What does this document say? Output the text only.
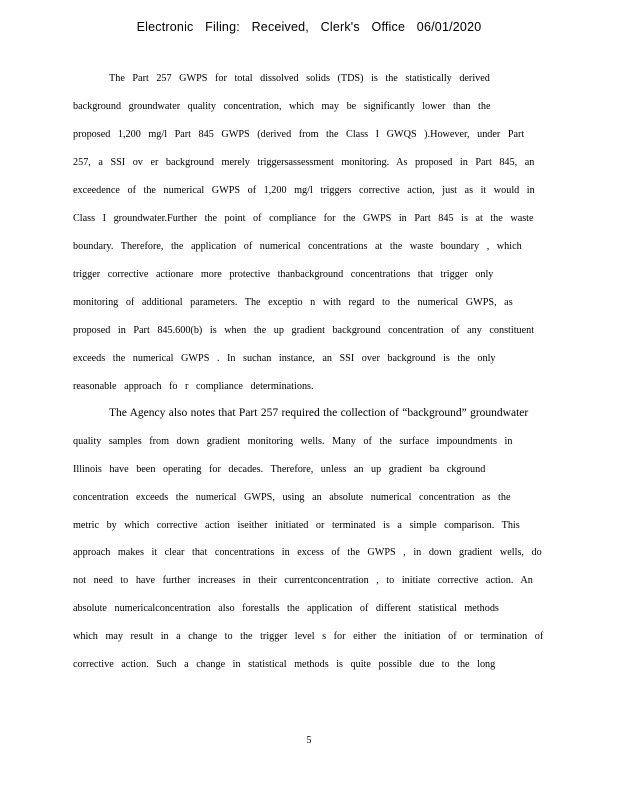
Electronic Filing: Received, Clerk's Office 06/01/2020
The Part 257 GWPS for total dissolved solids (TDS) is the statistically derived
background groundwater quality concentration, which may be significantly lower than the
proposed 1,200 mg/l Part 845 GWPS (derived from the Class I GWQS ).However, under Part
257, a SSI ov er background merely triggersassessment monitoring. As proposed in Part 845, an
exceedence of the numerical GWPS of 1,200 mg/l triggers corrective action, just as it would in
Class I groundwater.Further the point of compliance for the GWPS in Part 845 is at the waste
boundary. Therefore, the application of numerical concentrations at the waste boundary , which
trigger corrective actionare more protective thanbackground concentrations that trigger only
monitoring of additional parameters. The exceptio n with regard to the numerical GWPS, as
proposed in Part 845.600(b) is when the up gradient background concentration of any constituent
exceeds the numerical GWPS . In suchan instance, an SSI over background is the only
reasonable approach fo r compliance determinations.
The Agency also notes that Part 257 required the collection of “background” groundwater
quality samples from down gradient monitoring wells. Many of the surface impoundments in
Illinois have been operating for decades. Therefore, unless an up gradient ba ckground
concentration exceeds the numerical GWPS, using an absolute numerical concentration as the
metric by which corrective action iseither initiated or terminated is a simple comparison. This
approach makes it clear that concentrations in excess of the GWPS , in down gradient wells, do
not need to have further increases in their currentconcentration , to initiate corrective action. An
absolute numericalconcentration also forestalls the application of different statistical methods
which may result in a change to the trigger level s for either the initiation of or termination of
corrective action. Such a change in statistical methods is quite possible due to the long
5
